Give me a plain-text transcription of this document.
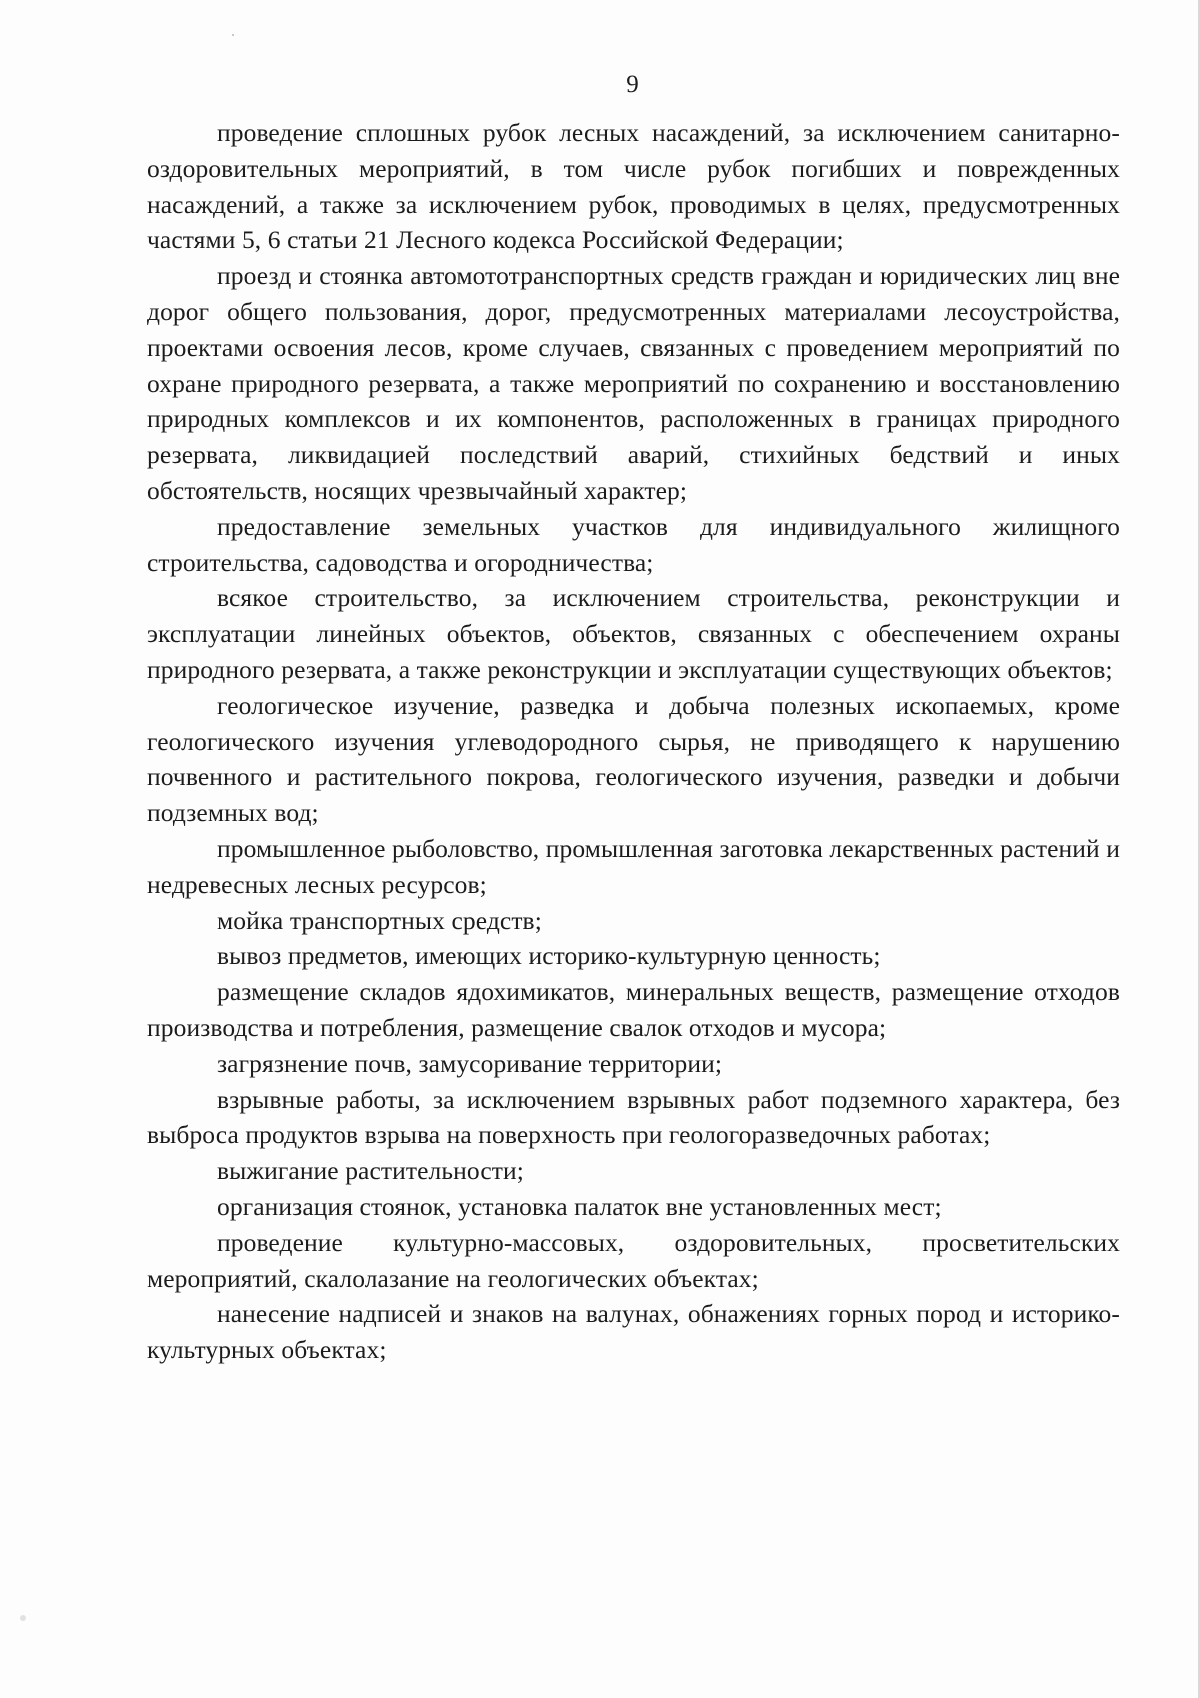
9

проведение сплошных рубок лесных насаждений, за исключением санитарно-оздоровительных мероприятий, в том числе рубок погибших и поврежденных насаждений, а также за исключением рубок, проводимых в целях, предусмотренных частями 5, 6 статьи 21 Лесного кодекса Российской Федерации;

проезд и стоянка автомототранспортных средств граждан и юридических лиц вне дорог общего пользования, дорог, предусмотренных материалами лесоустройства, проектами освоения лесов, кроме случаев, связанных с проведением мероприятий по охране природного резервата, а также мероприятий по сохранению и восстановлению природных комплексов и их компонентов, расположенных в границах природного резервата, ликвидацией последствий аварий, стихийных бедствий и иных обстоятельств, носящих чрезвычайный характер;

предоставление земельных участков для индивидуального жилищного строительства, садоводства и огородничества;

всякое строительство, за исключением строительства, реконструкции и эксплуатации линейных объектов, объектов, связанных с обеспечением охраны природного резервата, а также реконструкции и эксплуатации существующих объектов;

геологическое изучение, разведка и добыча полезных ископаемых, кроме геологического изучения углеводородного сырья, не приводящего к нарушению почвенного и растительного покрова, геологического изучения, разведки и добычи подземных вод;

промышленное рыболовство, промышленная заготовка лекарственных растений и недревесных лесных ресурсов;

мойка транспортных средств;

вывоз предметов, имеющих историко-культурную ценность;

размещение складов ядохимикатов, минеральных веществ, размещение отходов производства и потребления, размещение свалок отходов и мусора;

загрязнение почв, замусоривание территории;

взрывные работы, за исключением взрывных работ подземного характера, без выброса продуктов взрыва на поверхность при геологоразведочных работах;

выжигание растительности;

организация стоянок, установка палаток вне установленных мест;

проведение культурно-массовых, оздоровительных, просветительских мероприятий, скалолазание на геологических объектах;

нанесение надписей и знаков на валунах, обнажениях горных пород и историко-культурных объектах;
